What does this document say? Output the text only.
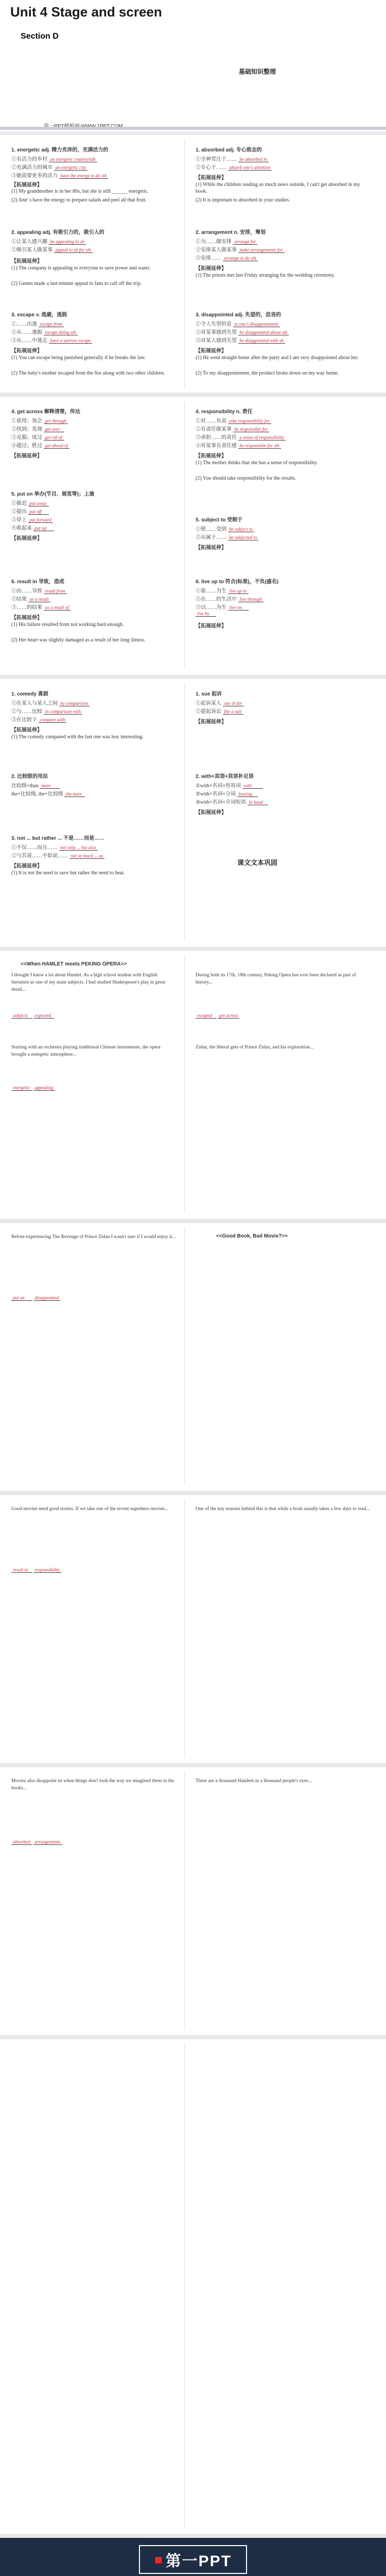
Unit 4 Stage and screen
Section D
基础知识整理
1. energetic adj. 精力充沛的，充满活力的
①有活力的乡村 an energetic countryside
②充满活力的城市 an energetic city
③她需要更多的活力 have the energy to do sth
【拓展延伸】
(1) My grandmother is in her 80s, but she is still ______ energetic.
(2) Ann' s have the energy to prepare salads and peel all that fruit.
2. appealing adj. 有吸引力的，吸引人的
①让某人感兴趣 be appealing to sb
②吸引某人做某事 appeal to sb for sth
【拓展延伸】
(1) The company is appealing to everyone to save power and water.
(2) Games made a last-minute appeal to fans to call off the trip.
3. escape v. 逃避，逃脱
①……出逃 escape from
②从……逃脱 escape doing sth
③从……中逃走 have a narrow escape
【拓展延伸】
(1) You can escape being punished generally if he breaks the law.
(2) The baby's mother escaped from the fire along with two other children.
1. absorbed adj. 专心致志的
①全神贯注于…… be absorbed in
②专心于…… absorb one's attention
【拓展延伸】
(1) While the children reading so much news outside, I can't get absorbed in my book.
(2) It is important to absorbed in your studies.
2. arrangement n. 安排，筹划
①为……做安排 arrange for
②安排某人做某事 make arrangements for
③安排…… arrange to do sth
【拓展延伸】
(1) The priests met last Friday arranging for the wedding ceremony.
3. disappointed adj. 失望的，沮丧的
①令人失望的是 to one's disappointment
②对某事感到失望 be disappointed about sth
③对某人感到失望 be disappointed with sb
【拓展延伸】
(1) He went straight home after the party and I am very disappointed about her.
(2) To my disappointment, the product broke down on my way home.
4. get across 解释清楚，传达
①获得；领会 get through
②找到；发现 get over
③克服；度过 get rid of
④超过；胜过 get ahead of
【拓展延伸】
5. put on 举办(节目、展览等)；上演
①推迟 put away
②提出 put off
③穿上 put forward
④收起来 put up
【拓展延伸】
6. result in 导致，造成
①由……导致 result from
②结果 as a result
③……的结果 as a result of
【拓展延伸】
(1) His failure resulted from not working hard enough.
(2) Her heart was slightly damaged as a result of her long illness.
4. responsibility n. 责任
①对……负责 take responsibility for
②有责任做某事 be responsible for
③承担……的责任 a sense of responsibility
④对某事有责任感 be responsible for sth
【拓展延伸】
(1) The mother thinks that she has a sense of responsibility.
(2) You should take responsibility for the results.
5. subject to 受制于
①使……受到 be subject to
②从属于…… be subjected to
【拓展延伸】
6. live up to 符合(标准)，不负(盛名)
①靠……为生 live up to
②在……的生活中 live through
③以……为生 live on
live by
【拓展延伸】
1. comedy 喜剧
①在某人与某人之间 by comparison
②与……比较 in comparison with
③在比较下 compare with
【拓展延伸】
(1) The comedy compared with the last one was less interesting.
2. 比较级的用法
比较级+than more
the+比较级, the+比较级 the more
3. not ... but rather ... 不是……而是……
①不仅……而且…… not only ... but also
②与其说……不如说…… not so much ... as
【拓展延伸】
(1) It is not the need to save but rather the need to heat.
1. sue 起诉
①起诉某人 sue sb for
②提起诉讼 file a suit
【拓展延伸】
2. with+宾语+宾语补足语
①with+名词+形容词 with
②with+名词+分词 leaving
③with+名词+介词短语 in hand
【拓展延伸】
课文文本巩固
<<When HAMLET meets PEKING OPERA>>
I thought I knew a lot about Hamlet. As a high school student with English literature as one of my main subjects, I had studied Shakespeare's play in great detail...
Starting with an orchestra playing traditional Chinese instruments, the opera brought a energetic atmosphere...
During both its 17th, 18th century, Peking Opera has ever been declared as part of history...
Zidan, the liberal gets of Prince Zidan, and his exploration...
subjects expected
energetic appealing
escaped got across
Before experiencing The Revenge of Prince Zidan I wasn't sure if I would enjoy it...	<<Good Book, Bad Movie?>>
put on disappointed
Good movies need good stories. If we take one of the recent superhero movies...	One of the key reasons behind this is that while a book usually takes a few days to read...
result in responsibility
Movies also disappoint us when things don't look the way we imagined them in the books...
There are a thousand Hamlets in a thousand people's eyes...
absorbed arrangements
■ 第一PPT
